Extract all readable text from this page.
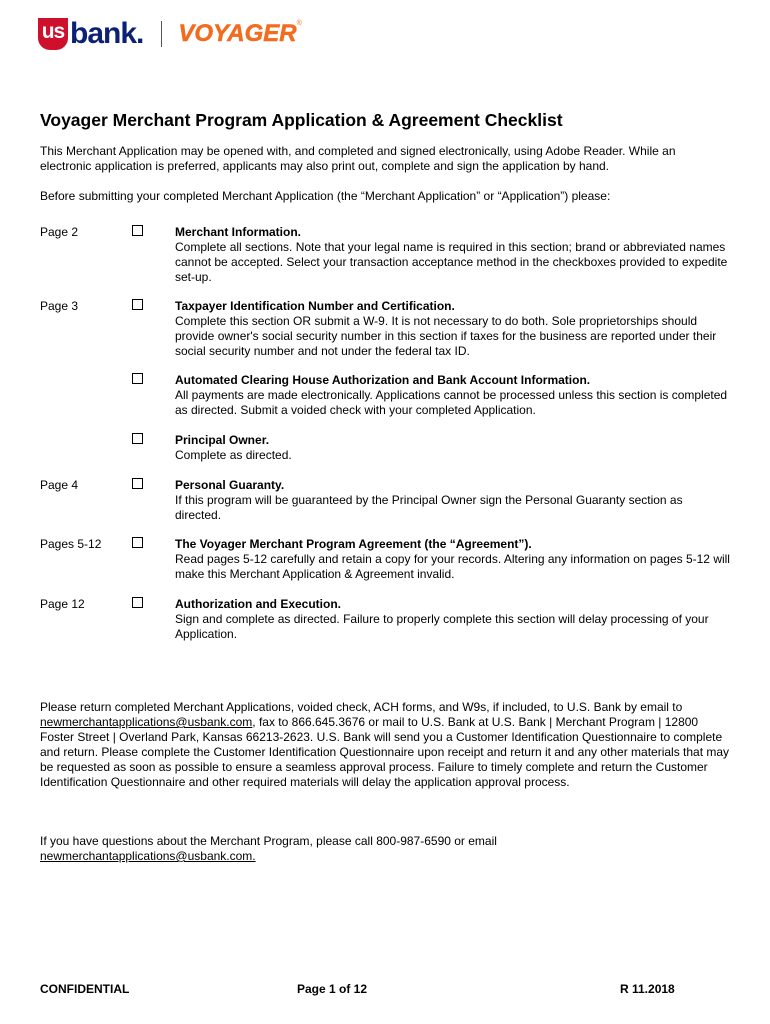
us bank. VOYAGER®
Voyager Merchant Program Application & Agreement Checklist
This Merchant Application may be opened with, and completed and signed electronically, using Adobe Reader. While an electronic application is preferred, applicants may also print out, complete and sign the application by hand.
Before submitting your completed Merchant Application (the “Merchant Application” or “Application”) please:
Page 2	Merchant Information.
Complete all sections. Note that your legal name is required in this section; brand or abbreviated names cannot be accepted. Select your transaction acceptance method in the checkboxes provided to expedite set-up.
Page 3	Taxpayer Identification Number and Certification.
Complete this section OR submit a W-9. It is not necessary to do both. Sole proprietorships should provide owner's social security number in this section if taxes for the business are reported under their social security number and not under the federal tax ID.
Automated Clearing House Authorization and Bank Account Information.
All payments are made electronically. Applications cannot be processed unless this section is completed as directed. Submit a voided check with your completed Application.
Principal Owner.
Complete as directed.
Page 4	Personal Guaranty.
If this program will be guaranteed by the Principal Owner sign the Personal Guaranty section as directed.
Pages 5-12	The Voyager Merchant Program Agreement (the “Agreement”).
Read pages 5-12 carefully and retain a copy for your records. Altering any information on pages 5-12 will make this Merchant Application & Agreement invalid.
Page 12	Authorization and Execution.
Sign and complete as directed. Failure to properly complete this section will delay processing of your Application.
Please return completed Merchant Applications, voided check, ACH forms, and W9s, if included, to U.S. Bank by email to newmerchantapplications@usbank.com, fax to 866.645.3676 or mail to U.S. Bank at U.S. Bank | Merchant Program | 12800 Foster Street | Overland Park, Kansas 66213-2623. U.S. Bank will send you a Customer Identification Questionnaire to complete and return. Please complete the Customer Identification Questionnaire upon receipt and return it and any other materials that may be requested as soon as possible to ensure a seamless approval process. Failure to timely complete and return the Customer Identification Questionnaire and other required materials will delay the application approval process.
If you have questions about the Merchant Program, please call 800-987-6590 or email
newmerchantapplications@usbank.com.
CONFIDENTIAL	Page 1 of 12	R 11.2018
